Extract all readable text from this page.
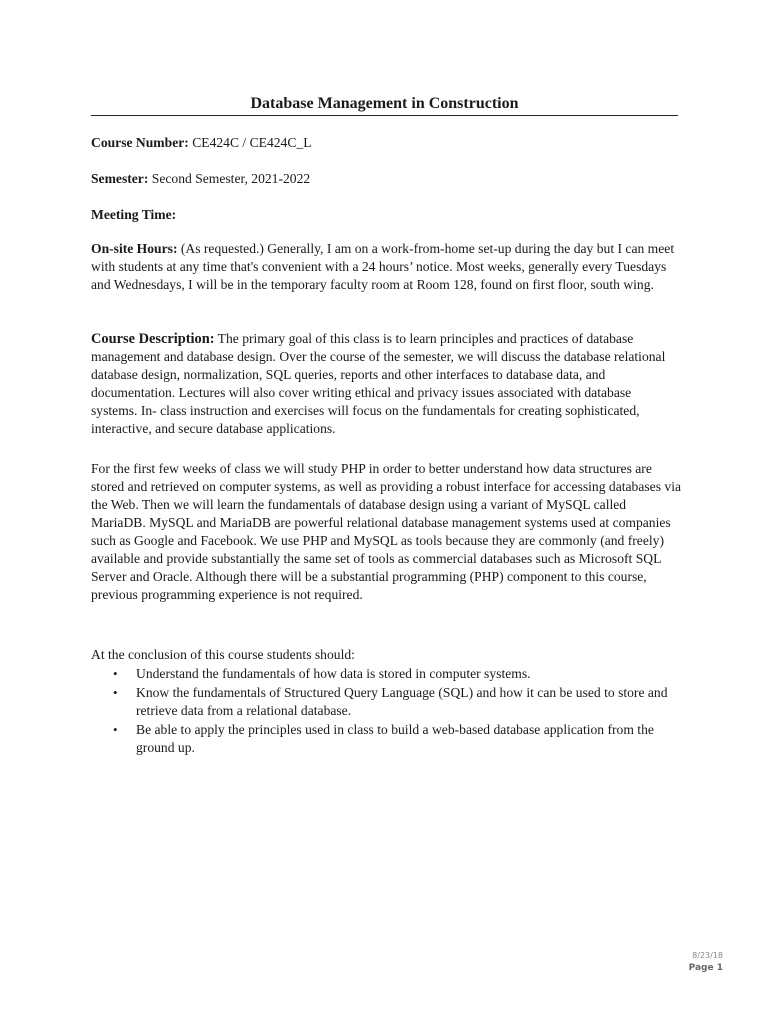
Database Management in Construction

Course Number: CE424C / CE424C_L

Semester: Second Semester, 2021-2022

Meeting Time:

On-site Hours: (As requested.) Generally, I am on a work-from-home set-up during the day but I can meet with students at any time that's convenient with a 24 hours’ notice. Most weeks, generally every Tuesdays and Wednesdays, I will be in the temporary faculty room at Room 128, found on first floor, south wing.

Course Description: The primary goal of this class is to learn principles and practices of database management and database design. Over the course of the semester, we will discuss the database relational database design, normalization, SQL queries, reports and other interfaces to database data, and documentation. Lectures will also cover writing ethical and privacy issues associated with database systems. In- class instruction and exercises will focus on the fundamentals for creating sophisticated, interactive, and secure database applications.

For the first few weeks of class we will study PHP in order to better understand how data structures are stored and retrieved on computer systems, as well as providing a robust interface for accessing databases via the Web. Then we will learn the fundamentals of database design using a variant of MySQL called MariaDB. MySQL and MariaDB are powerful relational database management systems used at companies such as Google and Facebook. We use PHP and MySQL as tools because they are commonly (and freely) available and provide substantially the same set of tools as commercial databases such as Microsoft SQL Server and Oracle. Although there will be a substantial programming (PHP) component to this course, previous programming experience is not required.

At the conclusion of this course students should:

• Understand the fundamentals of how data is stored in computer systems.
• Know the fundamentals of Structured Query Language (SQL) and how it can be used to store and retrieve data from a relational database.
• Be able to apply the principles used in class to build a web-based database application from the ground up.
8/23/18
Page 1
